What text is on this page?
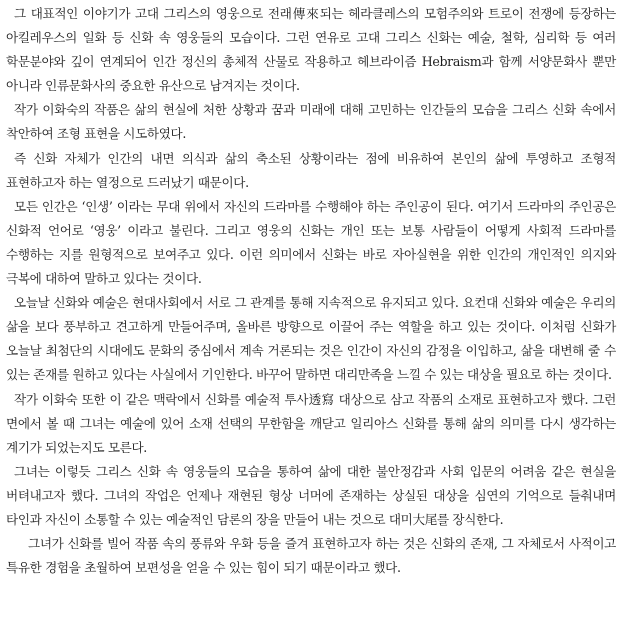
그 대표적인 이야기가 고대 그리스의 영웅으로 전래傳來되는 헤라클레스의 모험주의와 트로이 전쟁에 등장하는 아킬레우스의 일화 등 신화 속 영웅들의 모습이다. 그런 연유로 고대 그리스 신화는 예술, 철학, 심리학 등 여러 학문분야와 깊이 연계되어 인간 정신의 총체적 산물로 작용하고 헤브라이즘 Hebraism과 함께 서양문화사 뿐만 아니라 인류문화사의 중요한 유산으로 남겨지는 것이다.

작가 이화숙의 작품은 삶의 현실에 처한 상황과 꿈과 미래에 대해 고민하는 인간들의 모습을 그리스 신화 속에서 착안하여 조형 표현을 시도하였다.

즉 신화 자체가 인간의 내면 의식과 삶의 축소된 상황이라는 점에 비유하여 본인의 삶에 투영하고 조형적 표현하고자 하는 열정으로 드러났기 때문이다.

모든 인간은 ‘인생’ 이라는 무대 위에서 자신의 드라마를 수행해야 하는 주인공이 된다. 여기서 드라마의 주인공은 신화적 언어로 ‘영웅’ 이라고 불린다. 그리고 영웅의 신화는 개인 또는 보통 사람들이 어떻게 사회적 드라마를 수행하는 지를 원형적으로 보여주고 있다. 이런 의미에서 신화는 바로 자아실현을 위한 인간의 개인적인 의지와 극복에 대하여 말하고 있다는 것이다.

오늘날 신화와 예술은 현대사회에서 서로 그 관계를 통해 지속적으로 유지되고 있다. 요컨대 신화와 예술은 우리의 삶을 보다 풍부하고 견고하게 만들어주며, 올바른 방향으로 이끌어 주는 역할을 하고 있는 것이다. 이처럼 신화가 오늘날 최첨단의 시대에도 문화의 중심에서 계속 거론되는 것은 인간이 자신의 감정을 이입하고, 삶을 대변해 줄 수 있는 존재를 원하고 있다는 사실에서 기인한다. 바꾸어 말하면 대리만족을 느낄 수 있는 대상을 필요로 하는 것이다.

작가 이화숙 또한 이 같은 맥락에서 신화를 예술적 투사透寫 대상으로 삼고 작품의 소재로 표현하고자 했다. 그런 면에서 볼 때 그녀는 예술에 있어 소재 선택의 무한함을 깨닫고 일리아스 신화를 통해 삶의 의미를 다시 생각하는 계기가 되었는지도 모른다.

그녀는 이렇듯 그리스 신화 속 영웅들의 모습을 통하여 삶에 대한 불안정감과 사회 입문의 어려움 같은 현실을 버텨내고자 했다. 그녀의 작업은 언제나 재현된 형상 너머에 존재하는 상실된 대상을 심연의 기억으로 들춰내며 타인과 자신이 소통할 수 있는 예술적인 담론의 장을 만들어 내는 것으로 대미大尾를 장식한다.

그녀가 신화를 빌어 작품 속의 풍류와 우화 등을 즐겨 표현하고자 하는 것은 신화의 존재, 그 자체로서 사적이고 특유한 경험을 초월하여 보편성을 얻을 수 있는 힘이 되기 때문이라고 했다.
